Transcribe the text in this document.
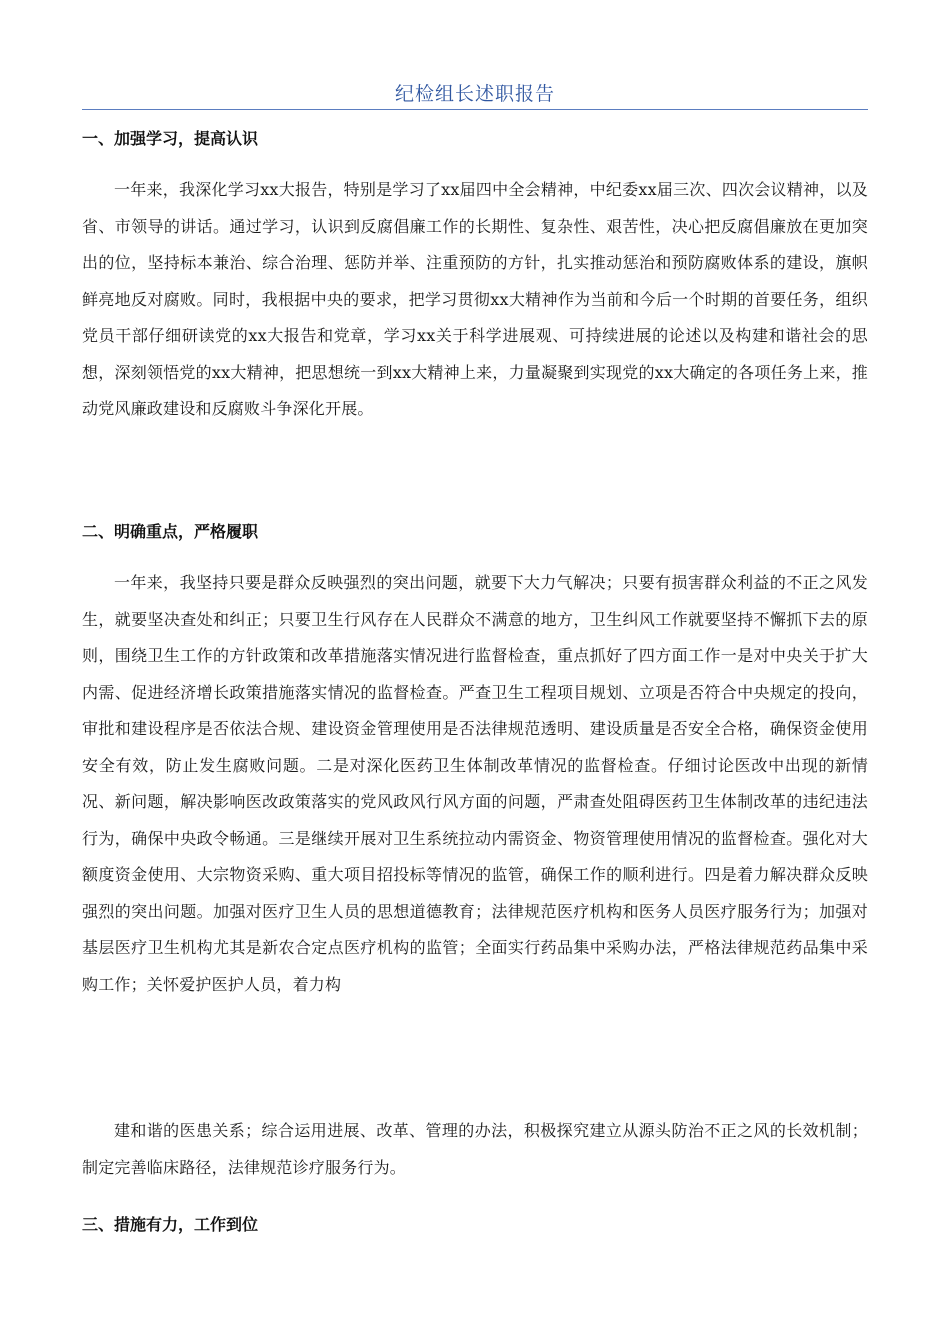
纪检组长述职报告
一、加强学习，提高认识

一年来，我深化学习xx大报告，特别是学习了xx届四中全会精神，中纪委xx届三次、四次会议精神，以及省、市领导的讲话。通过学习，认识到反腐倡廉工作的长期性、复杂性、艰苦性，决心把反腐倡廉放在更加突出的位，坚持标本兼治、综合治理、惩防并举、注重预防的方针，扎实推动惩治和预防腐败体系的建设，旗帜鲜亮地反对腐败。同时，我根据中央的要求，把学习贯彻xx大精神作为当前和今后一个时期的首要任务，组织党员干部仔细研读党的xx大报告和党章，学习xx关于科学进展观、可持续进展的论述以及构建和谐社会的思想，深刻领悟党的xx大精神，把思想统一到xx大精神上来，力量凝聚到实现党的xx大确定的各项任务上来，推动党风廉政建设和反腐败斗争深化开展。

二、明确重点，严格履职

一年来，我坚持只要是群众反映强烈的突出问题，就要下大力气解决；只要有损害群众利益的不正之风发生，就要坚决查处和纠正；只要卫生行风存在人民群众不满意的地方，卫生纠风工作就要坚持不懈抓下去的原则，围绕卫生工作的方针政策和改革措施落实情况进行监督检查，重点抓好了四方面工作一是对中央关于扩大内需、促进经济增长政策措施落实情况的监督检查。严查卫生工程项目规划、立项是否符合中央规定的投向，审批和建设程序是否依法合规、建设资金管理使用是否法律规范透明、建设质量是否安全合格，确保资金使用安全有效，防止发生腐败问题。二是对深化医药卫生体制改革情况的监督检查。仔细讨论医改中出现的新情况、新问题，解决影响医改政策落实的党风政风行风方面的问题，严肃查处阻碍医药卫生体制改革的违纪违法行为，确保中央政令畅通。三是继续开展对卫生系统拉动内需资金、物资管理使用情况的监督检查。强化对大额度资金使用、大宗物资采购、重大项目招投标等情况的监管，确保工作的顺利进行。四是着力解决群众反映强烈的突出问题。加强对医疗卫生人员的思想道德教育；法律规范医疗机构和医务人员医疗服务行为；加强对基层医疗卫生机构尤其是新农合定点医疗机构的监管；全面实行药品集中采购办法，严格法律规范药品集中采购工作；关怀爱护医护人员，着力构

建和谐的医患关系；综合运用进展、改革、管理的办法，积极探究建立从源头防治不正之风的长效机制；制定完善临床路径，法律规范诊疗服务行为。

三、措施有力，工作到位
